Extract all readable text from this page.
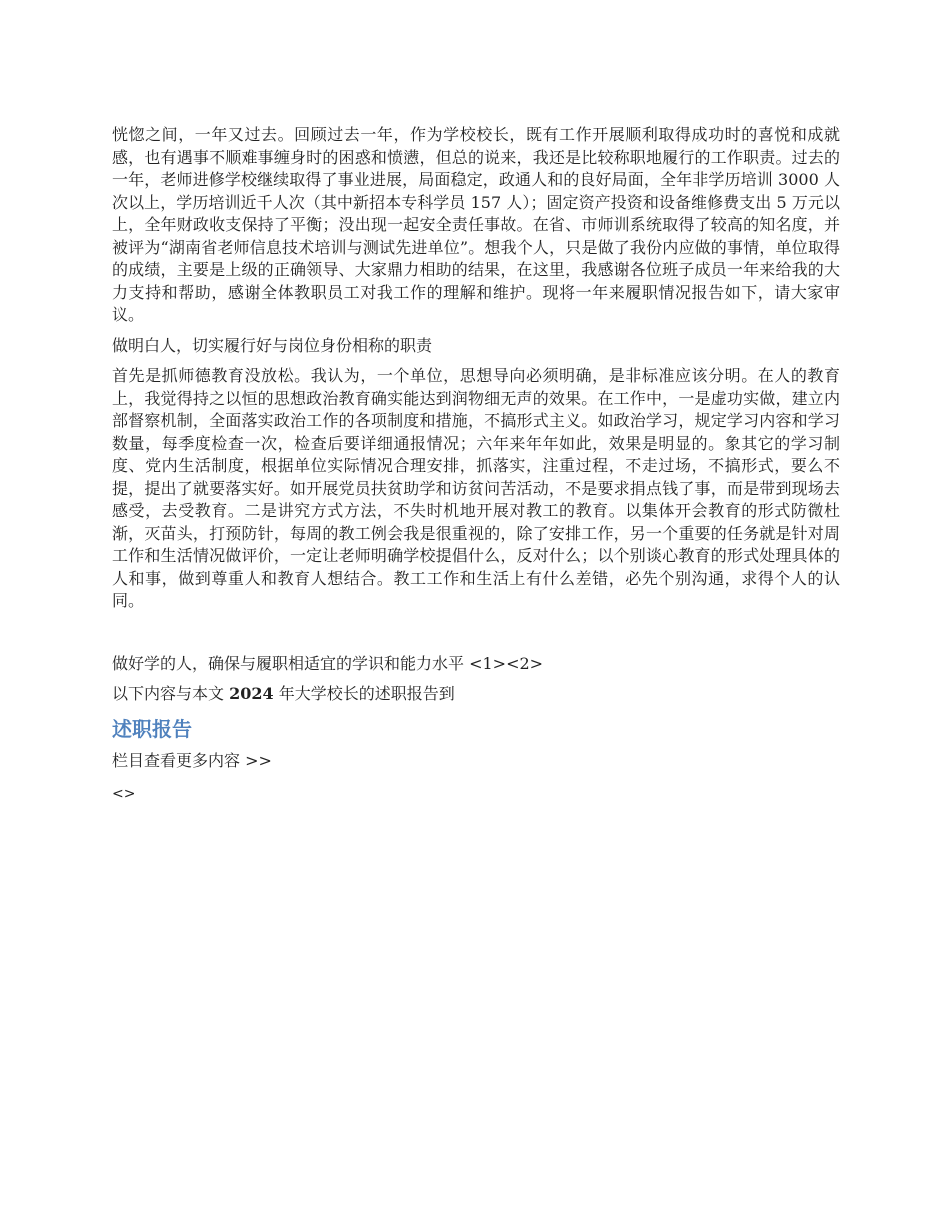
恍惚之间，一年又过去。回顾过去一年，作为学校校长，既有工作开展顺利取得成功时的喜悦和成就感，也有遇事不顺难事缠身时的困惑和愤懑，但总的说来，我还是比较称职地履行的工作职责。过去的一年，老师进修学校继续取得了事业进展，局面稳定，政通人和的良好局面，全年非学历培训 3000 人次以上，学历培训近千人次（其中新招本专科学员 157 人）；固定资产投资和设备维修费支出 5 万元以上，全年财政收支保持了平衡；没出现一起安全责任事故。在省、市师训系统取得了较高的知名度，并被评为“湖南省老师信息技术培训与测试先进单位”。想我个人，只是做了我份内应做的事情，单位取得的成绩，主要是上级的正确领导、大家鼎力相助的结果，在这里，我感谢各位班子成员一年来给我的大力支持和帮助，感谢全体教职员工对我工作的理解和维护。现将一年来履职情况报告如下，请大家审议。

做明白人，切实履行好与岗位身份相称的职责

首先是抓师德教育没放松。我认为，一个单位，思想导向必须明确，是非标准应该分明。在人的教育上，我觉得持之以恒的思想政治教育确实能达到润物细无声的效果。在工作中，一是虚功实做，建立内部督察机制，全面落实政治工作的各项制度和措施，不搞形式主义。如政治学习，规定学习内容和学习数量，每季度检查一次，检查后要详细通报情况；六年来年年如此，效果是明显的。象其它的学习制度、党内生活制度，根据单位实际情况合理安排，抓落实，注重过程，不走过场，不搞形式，要么不提，提出了就要落实好。如开展党员扶贫助学和访贫问苦活动，不是要求捐点钱了事，而是带到现场去感受，去受教育。二是讲究方式方法，不失时机地开展对教工的教育。以集体开会教育的形式防微杜渐，灭苗头，打预防针，每周的教工例会我是很重视的，除了安排工作，另一个重要的任务就是针对周工作和生活情况做评价，一定让老师明确学校提倡什么，反对什么；以个别谈心教育的形式处理具体的人和事，做到尊重人和教育人想结合。教工工作和生活上有什么差错，必先个别沟通，求得个人的认同。

做好学的人，确保与履职相适宜的学识和能力水平 <1><2>

以下内容与本文 2024 年大学校长的述职报告到

述职报告

栏目查看更多内容 >>

<>
